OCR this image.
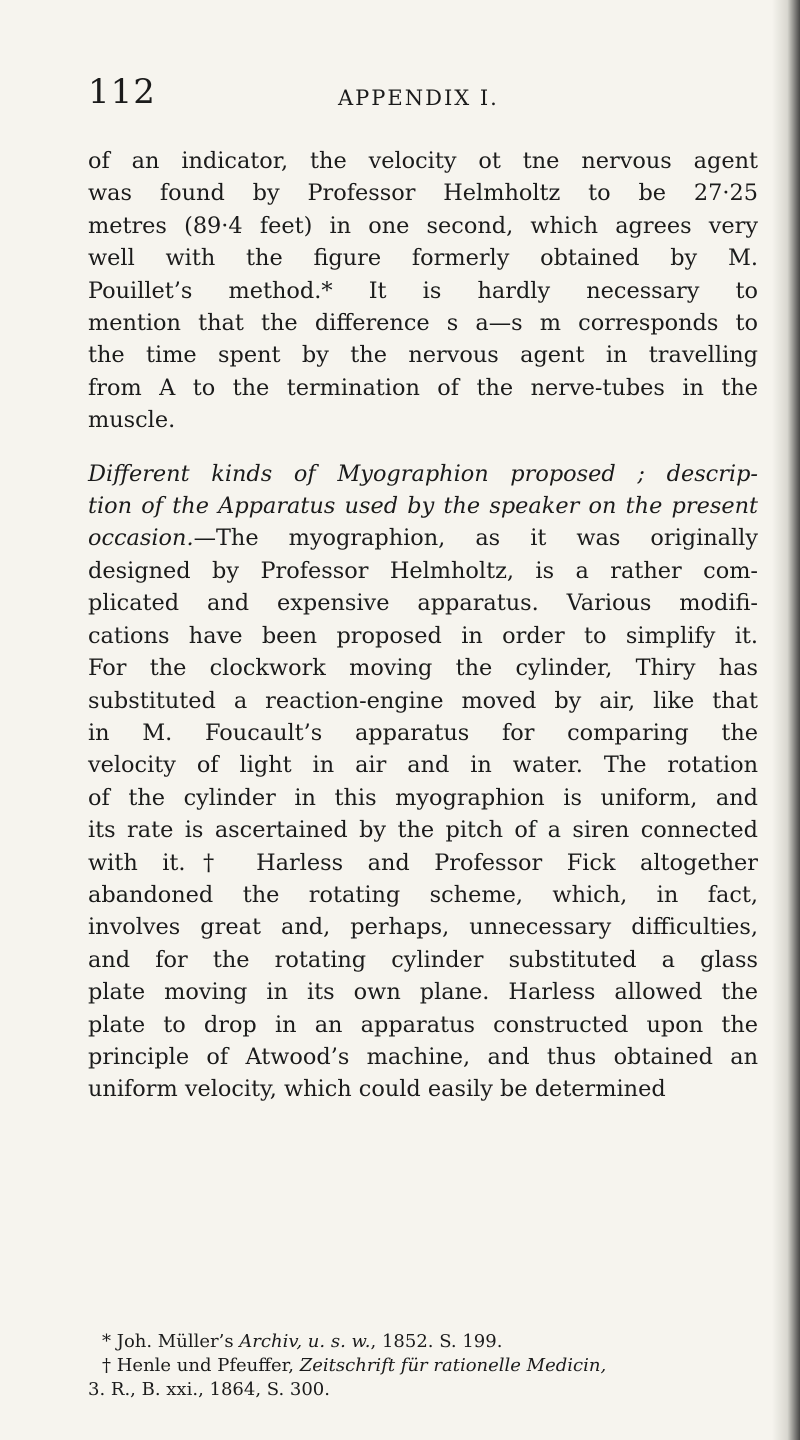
112	APPENDIX I.
of an indicator, the velocity ot tne nervous agent
was found by Professor Helmholtz to be 27·25
metres (89·4 feet) in one second, which agrees very
well with the figure formerly obtained by M.
Pouillet’s method.* It is hardly necessary to
mention that the difference s a—s m corresponds to
the time spent by the nervous agent in travelling
from A to the termination of the nerve-tubes in the
muscle.
Different kinds of Myographion proposed ; descrip-
tion of the Apparatus used by the speaker on the present
occasion.—The myographion, as it was originally
designed by Professor Helmholtz, is a rather com-
plicated and expensive apparatus. Various modifi-
cations have been proposed in order to simplify it.
For the clockwork moving the cylinder, Thiry has
substituted a reaction-engine moved by air, like that
in M. Foucault’s apparatus for comparing the
velocity of light in air and in water. The rotation
of the cylinder in this myographion is uniform, and
its rate is ascertained by the pitch of a siren connected
with it.† Harless and Professor Fick altogether
abandoned the rotating scheme, which, in fact,
involves great and, perhaps, unnecessary difficulties,
and for the rotating cylinder substituted a glass
plate moving in its own plane. Harless allowed the
plate to drop in an apparatus constructed upon the
principle of Atwood’s machine, and thus obtained an
uniform velocity, which could easily be determined
* Joh. Müller’s Archiv, u. s. w., 1852. S. 199.
† Henle und Pfeuffer, Zeitschrift für rationelle Medicin,
3. R., B. xxi., 1864, S. 300.
